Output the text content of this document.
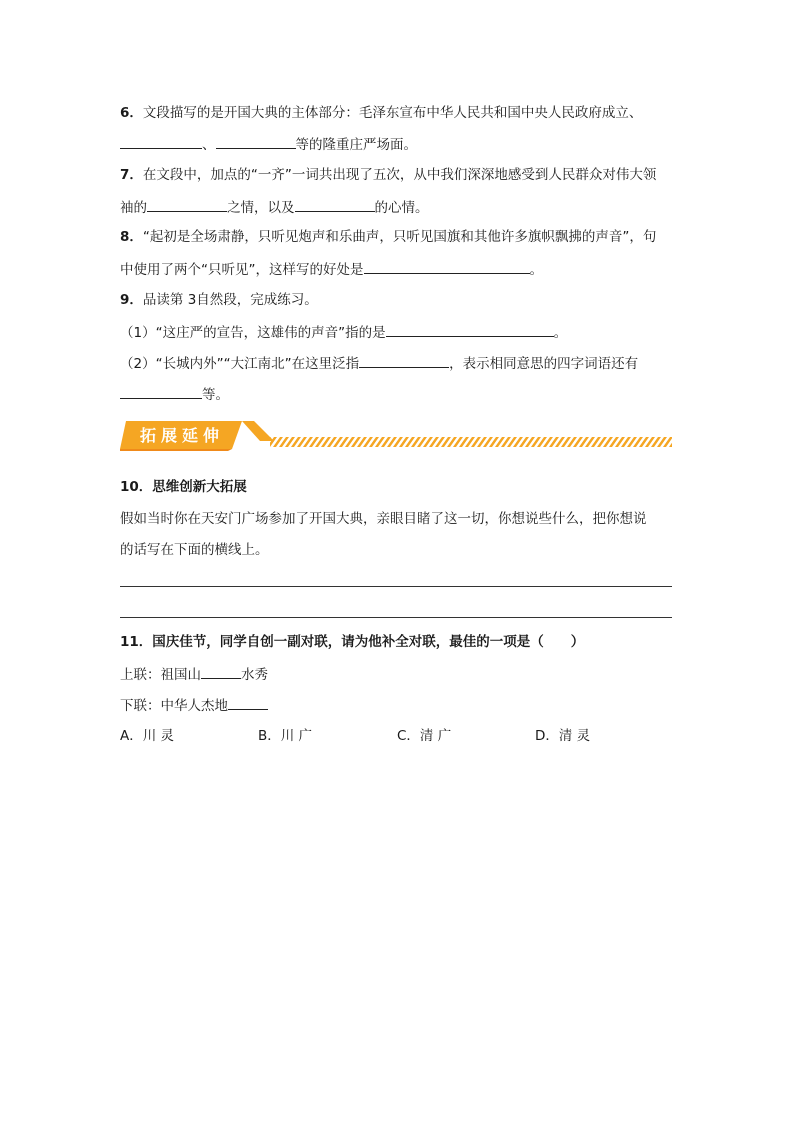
6．文段描写的是开国大典的主体部分：毛泽东宣布中华人民共和国中央人民政府成立、
、	等的隆重庄严场面。
7．在文段中，加点的“一齐”一词共出现了五次，从中我们深深地感受到人民群众对伟大领
袖的	之情，以及	的心情。
8．“起初是全场肃静，只听见炮声和乐曲声，只听见国旗和其他许多旗帜飘拂的声音”，句
中使用了两个“只听见”，这样写的好处是	。
9．品读第 3自然段，完成练习。
（1）“这庄严的宣告，这雄伟的声音”指的是	。
（2）“长城内外”“大江南北”在这里泛指	，表示相同意思的四字词语还有
等。
拓展延伸
10．思维创新大拓展
假如当时你在天安门广场参加了开国大典，亲眼目睹了这一切，你想说些什么，把你想说
的话写在下面的横线上。
11．国庆佳节，同学自创一副对联，请为他补全对联，最佳的一项是（　　）
上联：祖国山	水秀
下联：中华人杰地
A．川 灵	B．川 广	C．清 广	D．清 灵
